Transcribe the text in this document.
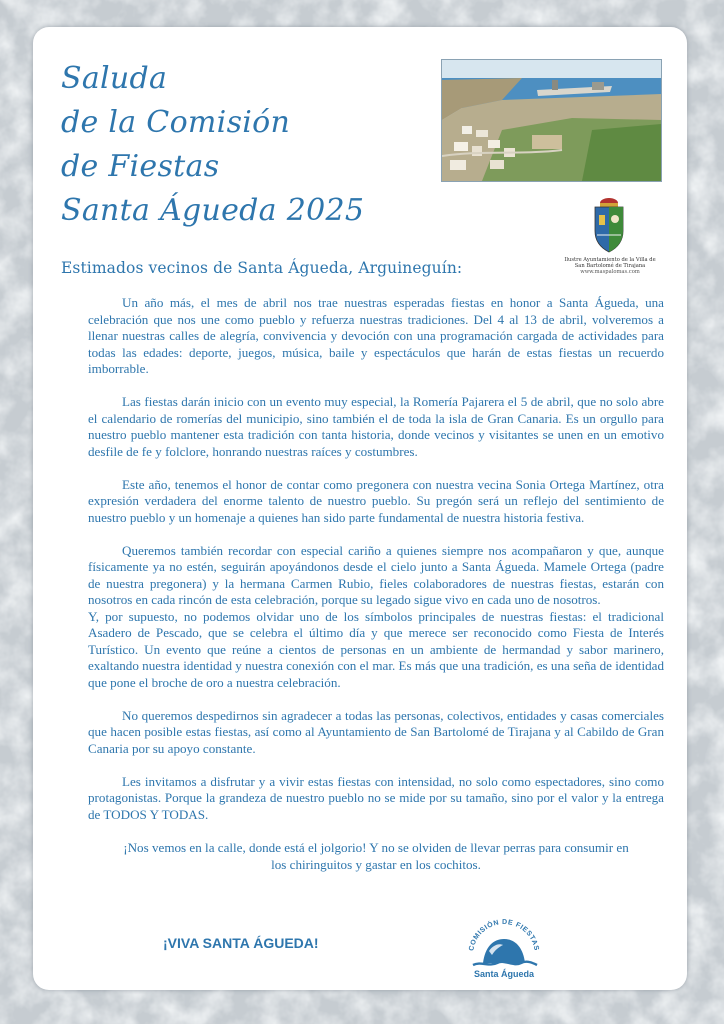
Saluda
de la Comisión
de Fiestas
Santa Águeda 2025
Ilustre Ayuntamiento de la Villa de
San Bartolomé de Tirajana
www.maspalomas.com
Estimados vecinos de Santa Águeda, Arguineguín:

Un año más, el mes de abril nos trae nuestras esperadas fiestas en honor a Santa Águeda, una celebración que nos une como pueblo y refuerza nuestras tradiciones. Del 4 al 13 de abril, volveremos a llenar nuestras calles de alegría, convivencia y devoción con una programación cargada de actividades para todas las edades: deporte, juegos, música, baile y espectáculos que harán de estas fiestas un recuerdo imborrable.

Las fiestas darán inicio con un evento muy especial, la Romería Pajarera el 5 de abril, que no solo abre el calendario de romerías del municipio, sino también el de toda la isla de Gran Canaria. Es un orgullo para nuestro pueblo mantener esta tradición con tanta historia, donde vecinos y visitantes se unen en un emotivo desfile de fe y folclore, honrando nuestras raíces y costumbres.

Este año, tenemos el honor de contar como pregonera con nuestra vecina Sonia Ortega Martínez, otra expresión verdadera del enorme talento de nuestro pueblo. Su pregón será un reflejo del sentimiento de nuestro pueblo y un homenaje a quienes han sido parte fundamental de nuestra historia festiva.

Queremos también recordar con especial cariño a quienes siempre nos acompañaron y que, aunque físicamente ya no estén, seguirán apoyándonos desde el cielo junto a Santa Águeda. Mamele Ortega (padre de nuestra pregonera) y la hermana Carmen Rubio, fieles colaboradores de nuestras fiestas, estarán con nosotros en cada rincón de esta celebración, porque su legado sigue vivo en cada uno de nosotros.

Y, por supuesto, no podemos olvidar uno de los símbolos principales de nuestras fiestas: el tradicional Asadero de Pescado, que se celebra el último día y que merece ser reconocido como Fiesta de Interés Turístico. Un evento que reúne a cientos de personas en un ambiente de hermandad y sabor marinero, exaltando nuestra identidad y nuestra conexión con el mar. Es más que una tradición, es una seña de identidad que pone el broche de oro a nuestra celebración.

No queremos despedirnos sin agradecer a todas las personas, colectivos, entidades y casas comerciales que hacen posible estas fiestas, así como al Ayuntamiento de San Bartolomé de Tirajana y al Cabildo de Gran Canaria por su apoyo constante.

Les invitamos a disfrutar y a vivir estas fiestas con intensidad, no solo como espectadores, sino como protagonistas. Porque la grandeza de nuestro pueblo no se mide por su tamaño, sino por el valor y la entrega de TODOS Y TODAS.

¡Nos vemos en la calle, donde está el jolgorio! Y no se olviden de llevar perras para consumir en los chiringuitos y gastar en los cochitos.

¡VIVA SANTA ÁGUEDA!	COMISIÓN DE FIESTAS
Santa Águeda
